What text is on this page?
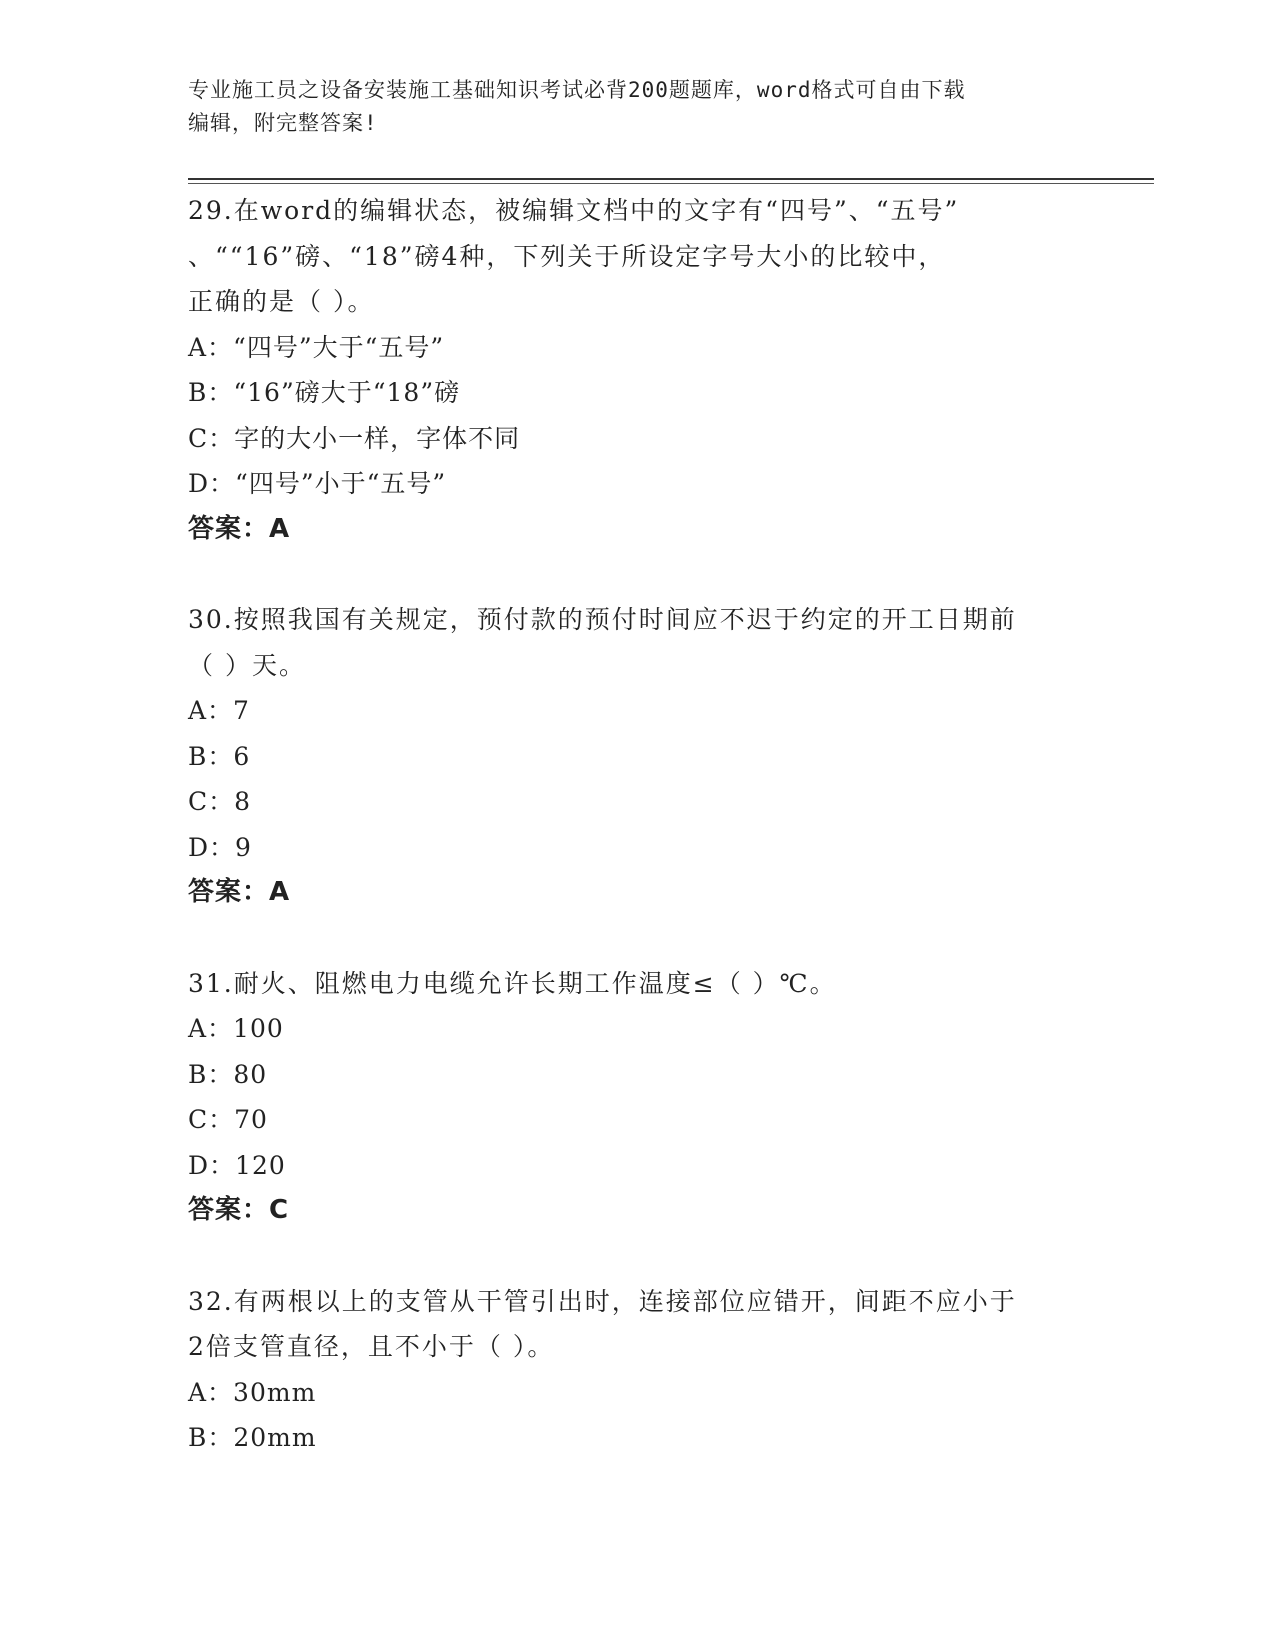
专业施工员之设备安装施工基础知识考试必背200题题库，word格式可自由下载
编辑，附完整答案!
29.在word的编辑状态，被编辑文档中的文字有“四号”、“五号”
、““16”磅、“18”磅4种，下列关于所设定字号大小的比较中，
正确的是（ ）。
A：“四号”大于“五号”
B：“16”磅大于“18”磅
C：字的大小一样，字体不同
D：“四号”小于“五号”
答案：A
30.按照我国有关规定，预付款的预付时间应不迟于约定的开工日期前
（ ）天。
A：7
B：6
C：8
D：9
答案：A
31.耐火、阻燃电力电缆允许长期工作温度≤（ ）℃。
A：100
B：80
C：70
D：120
答案：C
32.有两根以上的支管从干管引出时，连接部位应错开，间距不应小于
2倍支管直径，且不小于（ ）。
A：30mm
B：20mm
